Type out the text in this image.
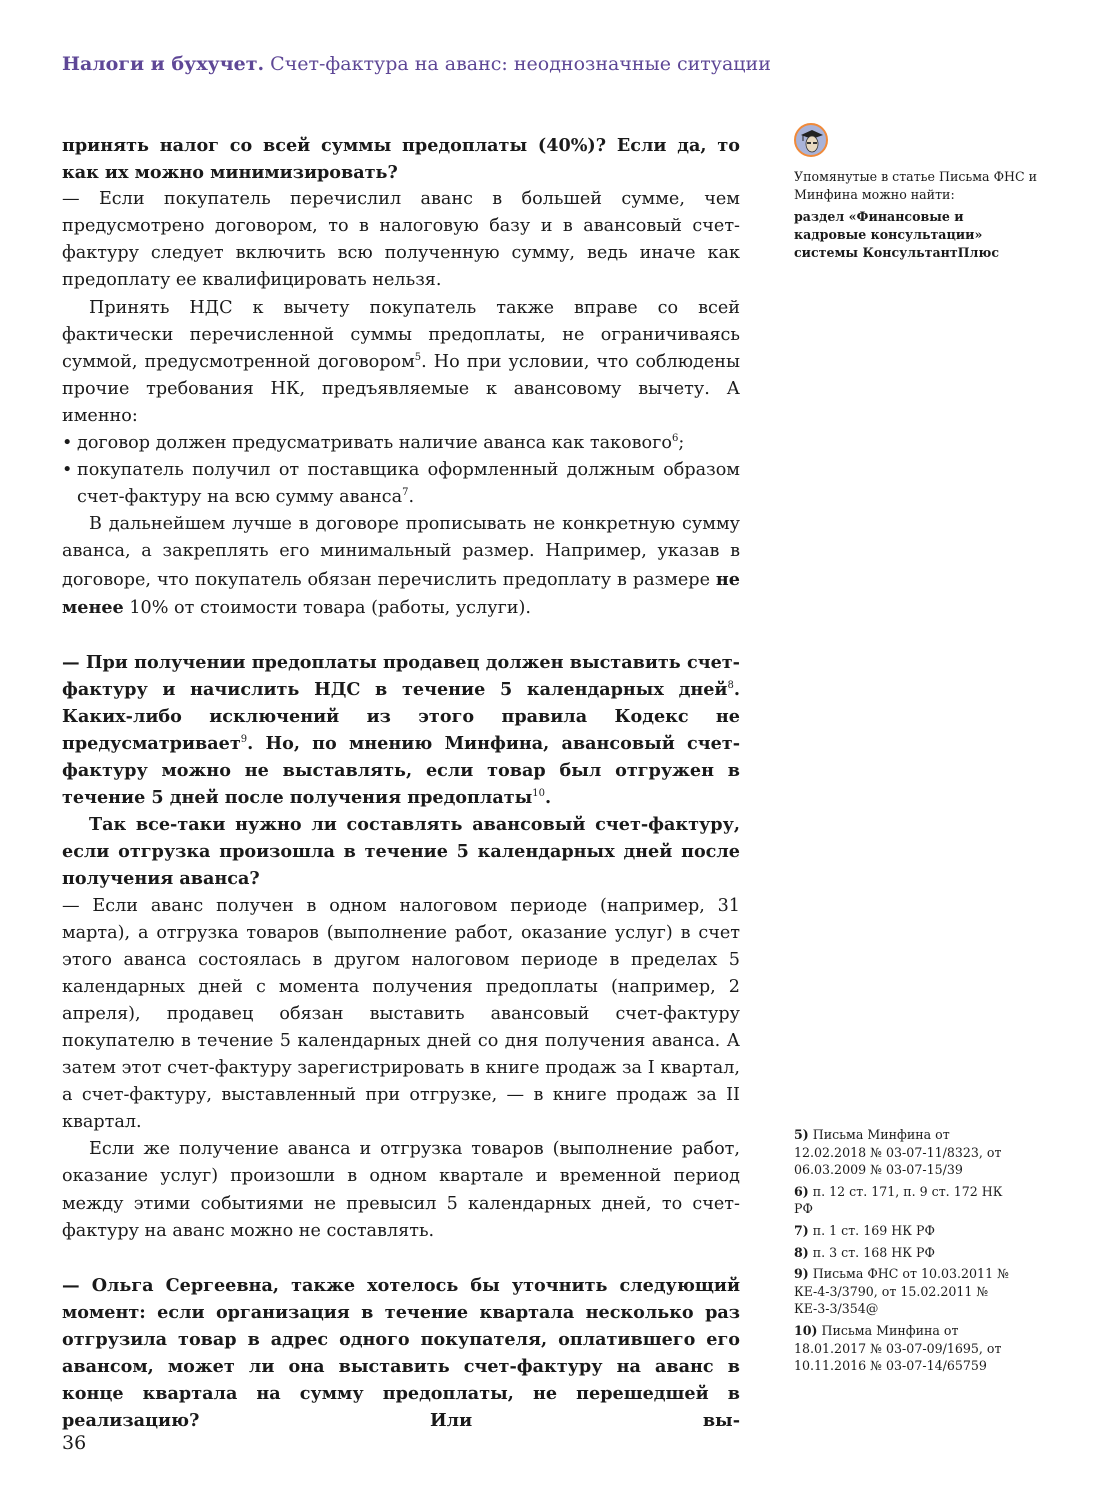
Налоги и бухучет. Счет-фактура на аванс: неоднозначные ситуации

принять налог со всей суммы предоплаты (40%)? Если да, то как их можно минимизировать?

— Если покупатель перечислил аванс в большей сумме, чем предусмотрено договором, то в налоговую базу и в авансовый счет-фактуру следует включить всю полученную сумму, ведь иначе как предоплату ее квалифицировать нельзя.

Принять НДС к вычету покупатель также вправе со всей фактически перечисленной суммы предоплаты, не ограничиваясь суммой, предусмотренной договором$^5$. Но при условии, что соблюдены прочие требования НК, предъявляемые к авансовому вычету. А именно:

• договор должен предусматривать наличие аванса как такового$^6$;

• покупатель получил от поставщика оформленный должным образом счет-фактуру на всю сумму аванса$^7$.

В дальнейшем лучше в договоре прописывать не конкретную сумму аванса, а закреплять его минимальный размер. Например, указав в договоре, что покупатель обязан перечислить предоплату в размере не менее 10% от стоимости товара (работы, услуги).

— При получении предоплаты продавец должен выставить счет-фактуру и начислить НДС в течение 5 календарных дней$^8$. Каких-либо исключений из этого правила Кодекс не предусматривает$^9$. Но, по мнению Минфина, авансовый счет-фактуру можно не выставлять, если товар был отгружен в течение 5 дней после получения предоплаты$^{10}$.

Так все-таки нужно ли составлять авансовый счет-фактуру, если отгрузка произошла в течение 5 календарных дней после получения аванса?

— Если аванс получен в одном налоговом периоде (например, 31 марта), а отгрузка товаров (выполнение работ, оказание услуг) в счет этого аванса состоялась в другом налоговом периоде в пределах 5 календарных дней с момента получения предоплаты (например, 2 апреля), продавец обязан выставить авансовый счет-фактуру покупателю в течение 5 календарных дней со дня получения аванса. А затем этот счет-фактуру зарегистрировать в книге продаж за I квартал, а счет-фактуру, выставленный при отгрузке, — в книге продаж за II квартал.

Если же получение аванса и отгрузка товаров (выполнение работ, оказание услуг) произошли в одном квартале и временной период между этими событиями не превысил 5 календарных дней, то счет-фактуру на аванс можно не составлять.

— Ольга Сергеевна, также хотелось бы уточнить следующий момент: если организация в течение квартала несколько раз отгрузила товар в адрес одного покупателя, оплатившего его авансом, может ли она выставить счет-фактуру на аванс в конце квартала на сумму предоплаты, не перешедшей в реализацию? Или вы-

Упомянутые в статье Письма ФНС и Минфина можно найти:
раздел «Финансовые и кадровые консультации» системы КонсультантПлюс
5) Письма Минфина от 12.02.2018 № 03-07-11/8323, от 06.03.2009 № 03-07-15/39
6) п. 12 ст. 171, п. 9 ст. 172 НК РФ
7) п. 1 ст. 169 НК РФ
8) п. 3 ст. 168 НК РФ
9) Письма ФНС от 10.03.2011 № КЕ-4-3/3790, от 15.02.2011 № КЕ-3-3/354@
10) Письма Минфина от 18.01.2017 № 03-07-09/1695, от 10.11.2016 № 03-07-14/65759
36
